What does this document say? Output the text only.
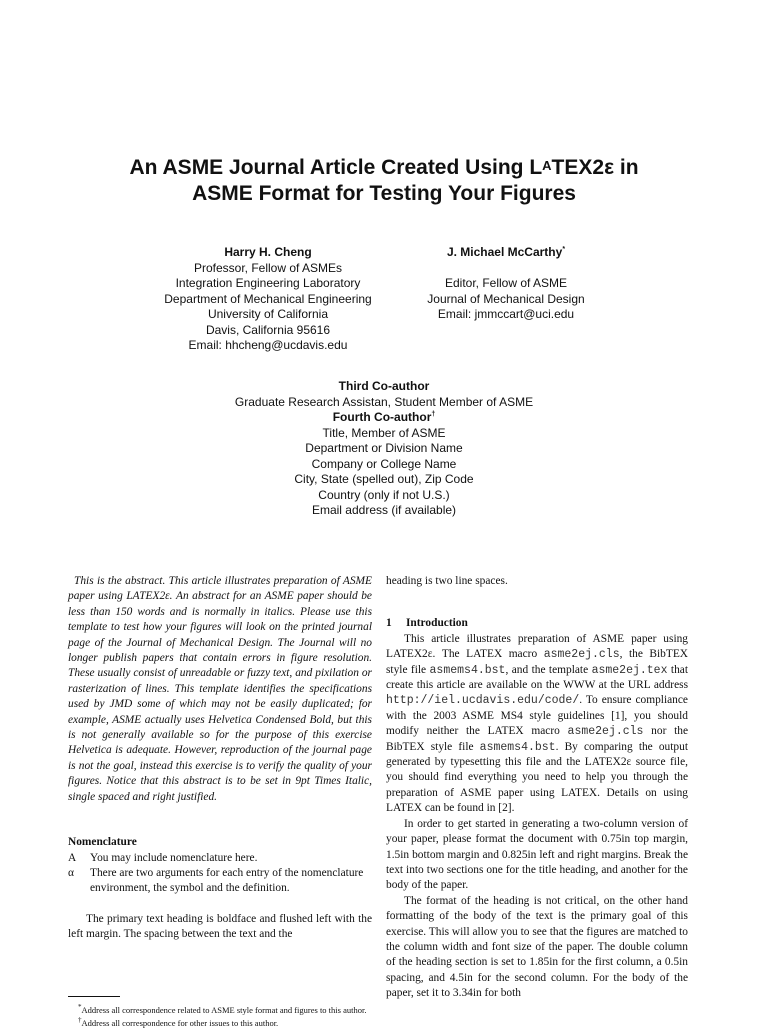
An ASME Journal Article Created Using $L^ATEX2\varepsilon$ in
ASME Format for Testing Your Figures
Harry H. Cheng
Professor, Fellow of ASMEs
Integration Engineering Laboratory
Department of Mechanical Engineering
University of California
Davis, California 95616
Email: hhcheng@ucdavis.edu
J. Michael McCarthy*
Editor, Fellow of ASME
Journal of Mechanical Design
Email: jmmccart@uci.edu
Third Co-author
Graduate Research Assistan, Student Member of ASME
Fourth Co-author†
Title, Member of ASME
Department or Division Name
Company or College Name
City, State (spelled out), Zip Code
Country (only if not U.S.)
Email address (if available)

This is the abstract. This article illustrates preparation of ASME paper using LATEX2ε. An abstract for an ASME paper should be less than 150 words and is normally in italics. Please use this template to test how your figures will look on the printed journal page of the Journal of Mechanical Design. The Journal will no longer publish papers that contain errors in figure resolution. These usually consist of unreadable or fuzzy text, and pixilation or rasterization of lines. This template identifies the specifications used by JMD some of which may not be easily duplicated; for example, ASME actually uses Helvetica Condensed Bold, but this is not generally available so for the purpose of this exercise Helvetica is adequate. However, reproduction of the journal page is not the goal, instead this exercise is to verify the quality of your figures. Notice that this abstract is to be set in 9pt Times Italic, single spaced and right justified.

Nomenclature
A	You may include nomenclature here.
α	There are two arguments for each entry of the nomenclature environment, the symbol and the definition.

The primary text heading is boldface and flushed left with the left margin. The spacing between the text and the

heading is two line spaces.

1 Introduction

This article illustrates preparation of ASME paper using LATEX2ε. The LATEX macro asme2ej.cls, the BibTEX style file asmems4.bst, and the template asme2ej.tex that create this article are available on the WWW at the URL address http://iel.ucdavis.edu/code/. To ensure compliance with the 2003 ASME MS4 style guidelines [1], you should modify neither the LATEX macro asme2ej.cls nor the BibTEX style file asmems4.bst. By comparing the output generated by typesetting this file and the LATEX2ε source file, you should find everything you need to help you through the preparation of ASME paper using LATEX. Details on using LATEX can be found in [2].

In order to get started in generating a two-column version of your paper, please format the document with 0.75in top margin, 1.5in bottom margin and 0.825in left and right margins. Break the text into two sections one for the title heading, and another for the body of the paper.

The format of the heading is not critical, on the other hand formatting of the body of the text is the primary goal of this exercise. This will allow you to see that the figures are matched to the column width and font size of the paper. The double column of the heading section is set to 1.85in for the first column, a 0.5in spacing, and 4.5in for the second column. For the body of the paper, set it to 3.34in for both

*Address all correspondence related to ASME style format and figures to this author.

†Address all correspondence for other issues to this author.
